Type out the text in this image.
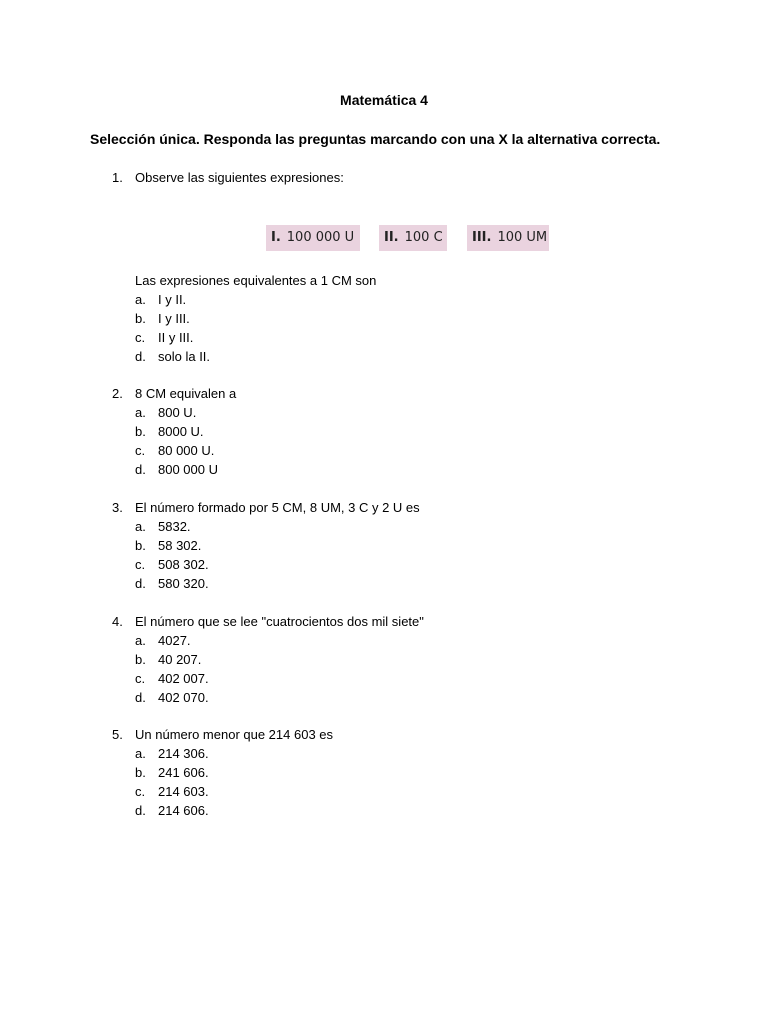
Matemática 4
Selección única. Responda las preguntas marcando con una X la alternativa correcta.
1. Observe las siguientes expresiones:
I. 100 000 U	II. 100 C	III. 100 UM
Las expresiones equivalentes a 1 CM son
a. I y II.
b. I y III.
c. II y III.
d. solo la II.
2. 8 CM equivalen a
a. 800 U.
b. 8000 U.
c. 80 000 U.
d. 800 000 U
3. El número formado por 5 CM, 8 UM, 3 C y 2 U es
a. 5832.
b. 58 302.
c. 508 302.
d. 580 320.
4. El número que se lee "cuatrocientos dos mil siete"
a. 4027.
b. 40 207.
c. 402 007.
d. 402 070.
5. Un número menor que 214 603 es
a. 214 306.
b. 241 606.
c. 214 603.
d. 214 606.
